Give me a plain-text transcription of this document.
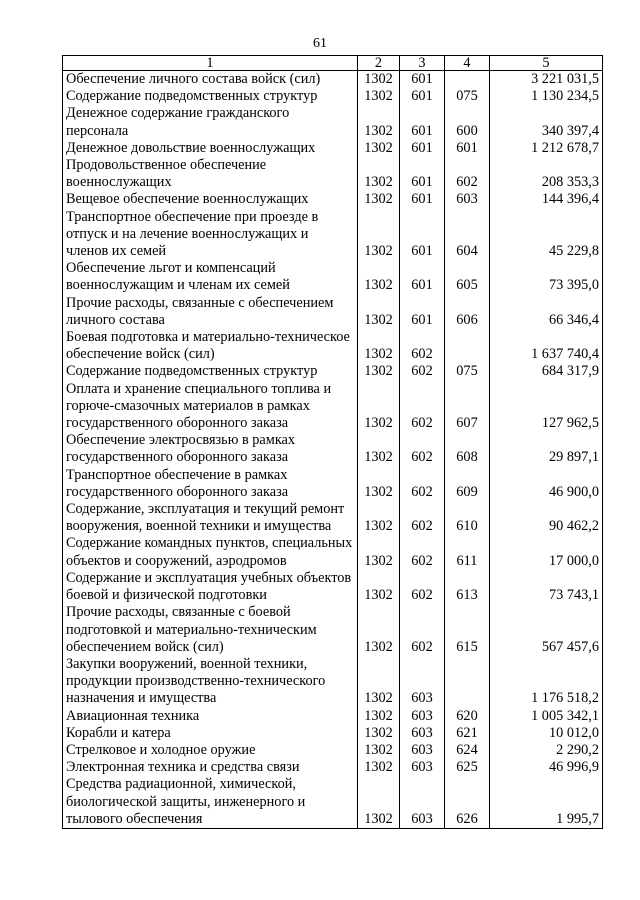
61
1	2	3	4	5
Обеспечение личного состава войск (сил)	1302	601		3 221 031,5
Содержание подведомственных структур	1302	601	075	1 130 234,5
Денежное содержание гражданского персонала	1302	601	600	340 397,4
Денежное довольствие военнослужащих	1302	601	601	1 212 678,7
Продовольственное обеспечение военнослужащих	1302	601	602	208 353,3
Вещевое обеспечение военнослужащих	1302	601	603	144 396,4
Транспортное обеспечение при проезде в отпуск и на лечение военнослужащих и членов их семей	1302	601	604	45 229,8
Обеспечение льгот и компенсаций военнослужащим и членам их семей	1302	601	605	73 395,0
Прочие расходы, связанные с обеспечением личного состава	1302	601	606	66 346,4
Боевая подготовка и материально-техническое обеспечение войск (сил)	1302	602		1 637 740,4
Содержание подведомственных структур	1302	602	075	684 317,9
Оплата и хранение специального топлива и горюче-смазочных материалов в рамках государственного оборонного заказа	1302	602	607	127 962,5
Обеспечение электросвязью в рамках государственного оборонного заказа	1302	602	608	29 897,1
Транспортное обеспечение в рамках государственного оборонного заказа	1302	602	609	46 900,0
Содержание, эксплуатация и текущий ремонт вооружения, военной техники и имущества	1302	602	610	90 462,2
Содержание командных пунктов, специальных объектов и сооружений, аэродромов	1302	602	611	17 000,0
Содержание и эксплуатация учебных объектов боевой и физической подготовки	1302	602	613	73 743,1
Прочие расходы, связанные с боевой подготовкой и материально-техническим обеспечением войск (сил)	1302	602	615	567 457,6
Закупки вооружений, военной техники, продукции производственно-технического назначения и имущества	1302	603		1 176 518,2
Авиационная техника	1302	603	620	1 005 342,1
Корабли и катера	1302	603	621	10 012,0
Стрелковое и холодное оружие	1302	603	624	2 290,2
Электронная техника и средства связи	1302	603	625	46 996,9
Средства радиационной, химической, биологической защиты, инженерного и тылового обеспечения	1302	603	626	1 995,7
